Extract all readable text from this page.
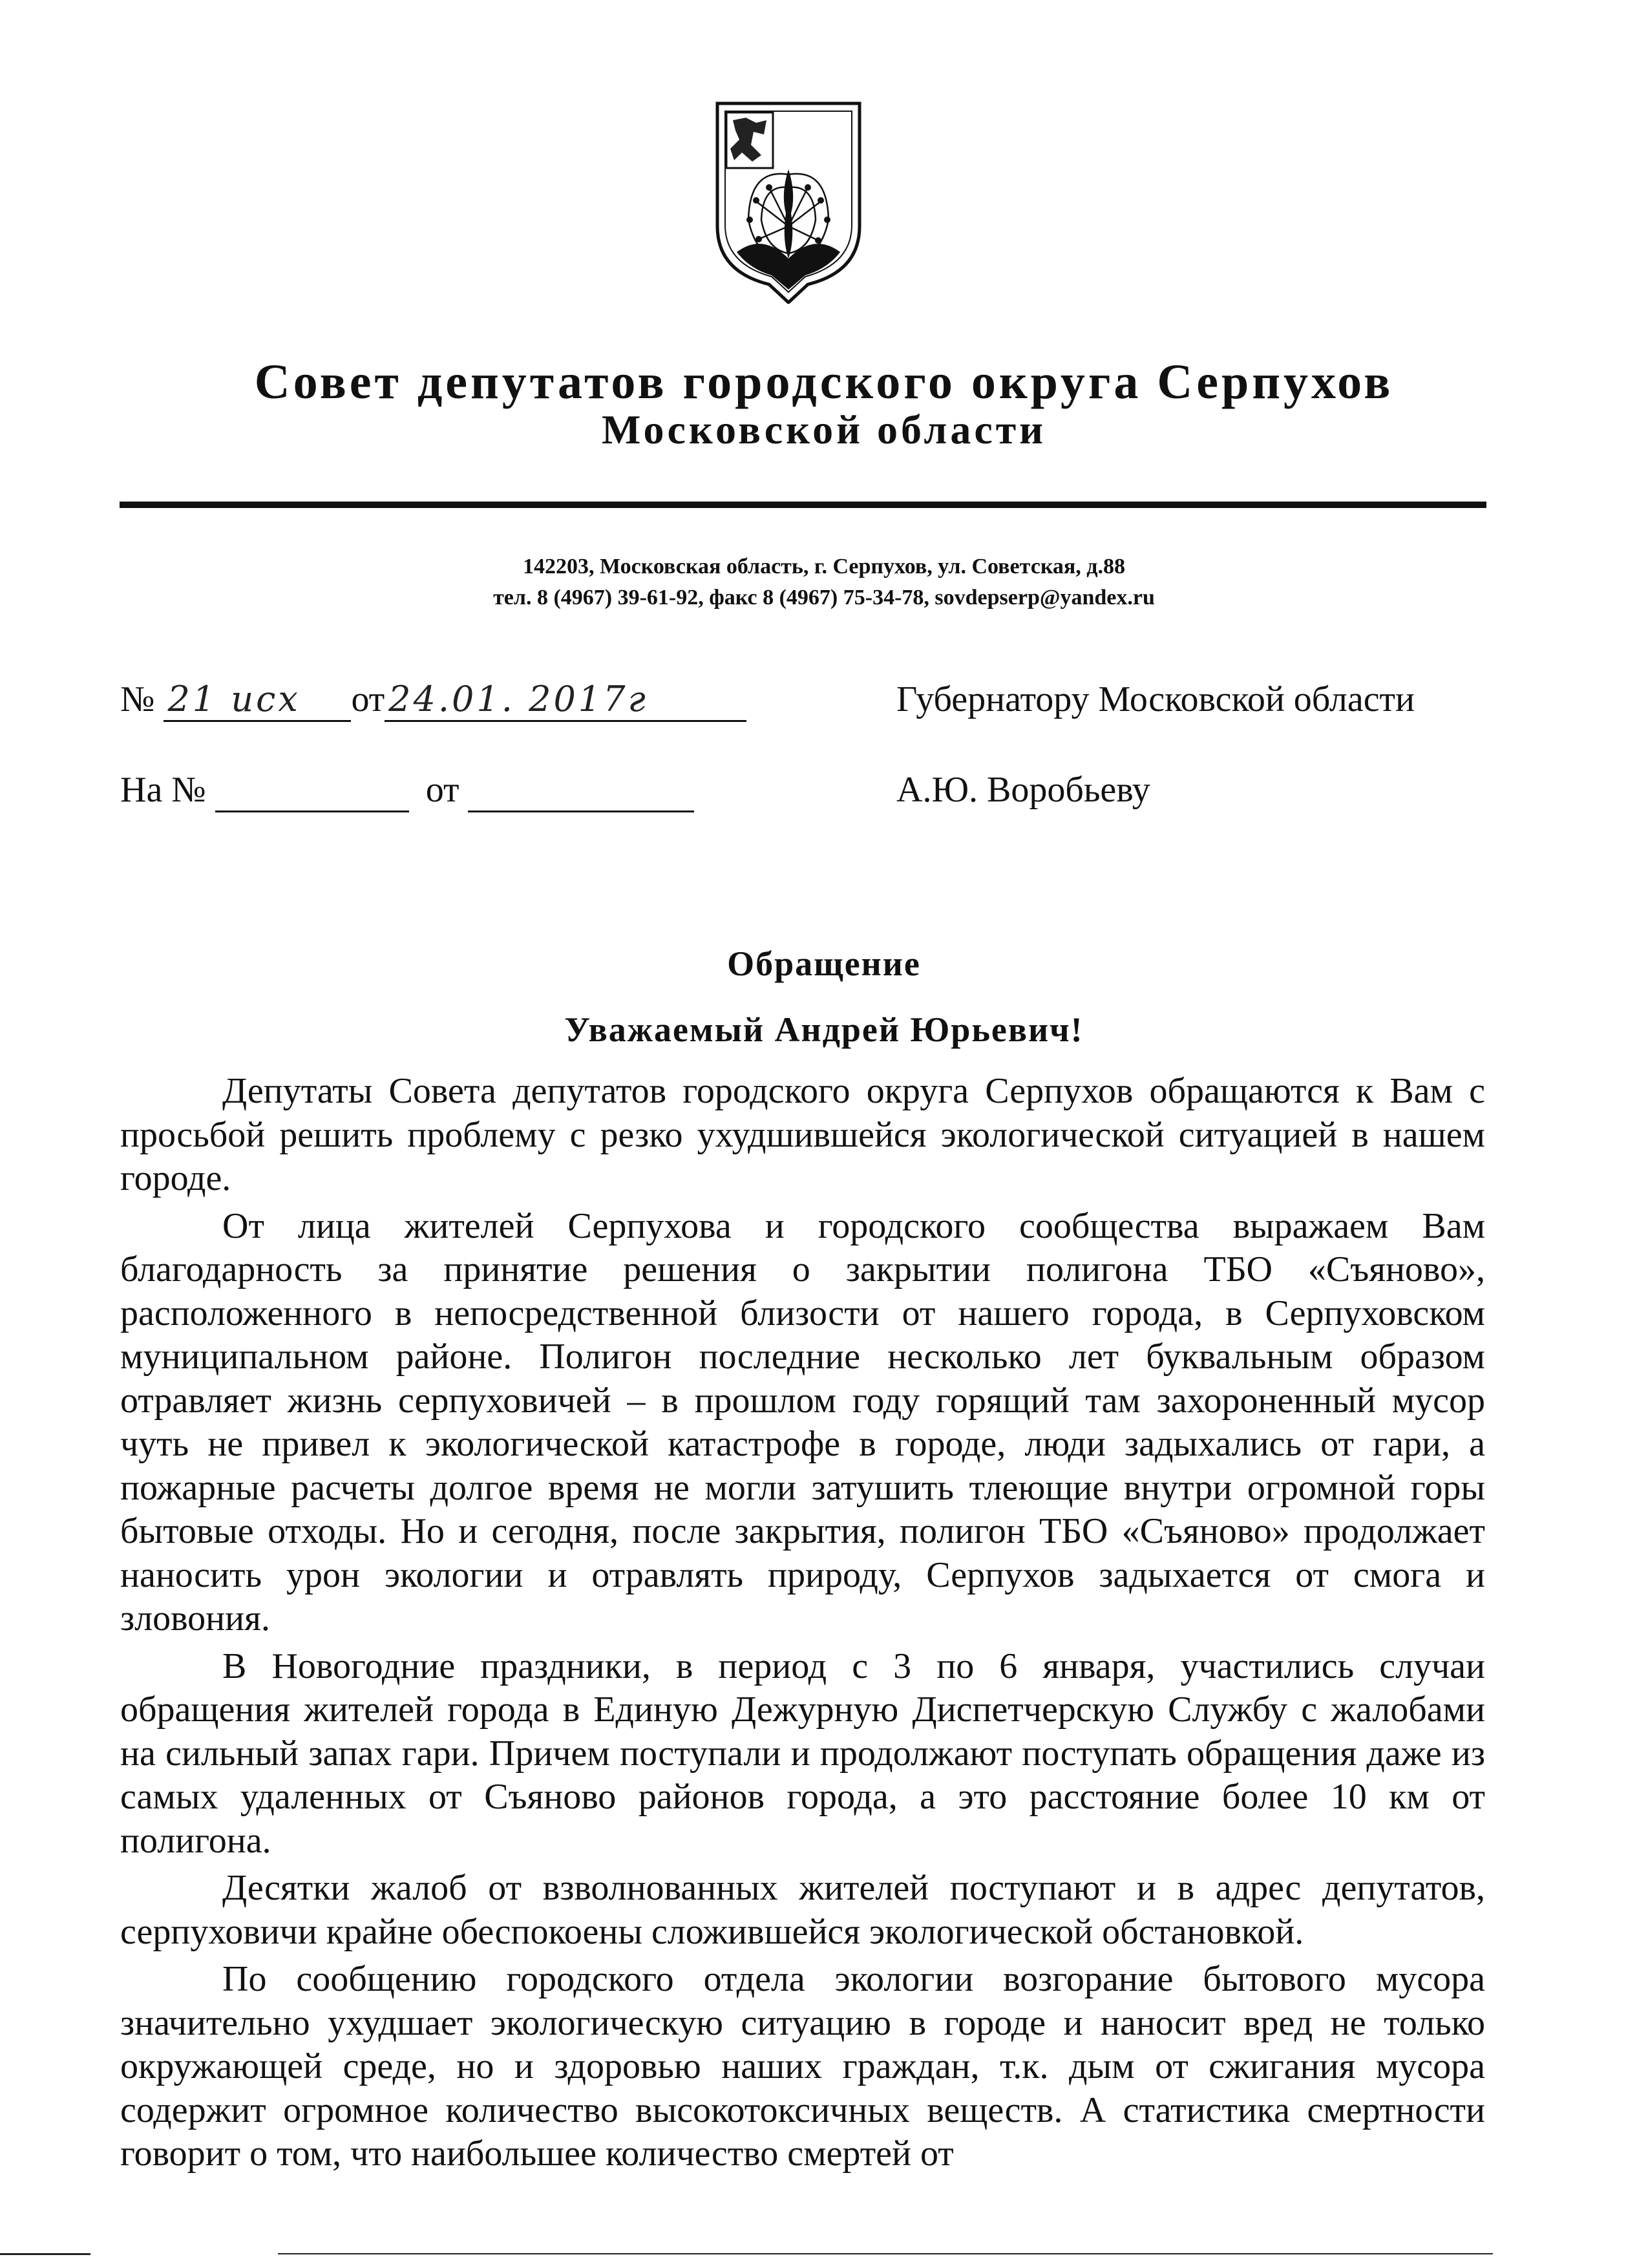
Совет депутатов городского округа Серпухов
Московской области
142203, Московская область, г. Серпухов, ул. Советская, д.88
тел. 8 (4967) 39-61-92, факс 8 (4967) 75-34-78, sovdepserp@yandex.ru
№ 21 исх от 24.01. 2017г
На №	от
Губернатору Московской области
А.Ю. Воробьеву
Обращение
Уважаемый Андрей Юрьевич!

Депутаты Совета депутатов городского округа Серпухов обращаются к Вам с просьбой решить проблему с резко ухудшившейся экологической ситуацией в нашем городе.

От лица жителей Серпухова и городского сообщества выражаем Вам благодарность за принятие решения о закрытии полигона ТБО «Съяново», расположенного в непосредственной близости от нашего города, в Серпуховском муниципальном районе. Полигон последние несколько лет буквальным образом отравляет жизнь серпуховичей – в прошлом году горящий там захороненный мусор чуть не привел к экологической катастрофе в городе, люди задыхались от гари, а пожарные расчеты долгое время не могли затушить тлеющие внутри огромной горы бытовые отходы. Но и сегодня, после закрытия, полигон ТБО «Съяново» продолжает наносить урон экологии и отравлять природу, Серпухов задыхается от смога и зловония.

В Новогодние праздники, в период с 3 по 6 января, участились случаи обращения жителей города в Единую Дежурную Диспетчерскую Службу с жалобами на сильный запах гари. Причем поступали и продолжают поступать обращения даже из самых удаленных от Съяново районов города, а это расстояние более 10 км от полигона.

Десятки жалоб от взволнованных жителей поступают и в адрес депутатов, серпуховичи крайне обеспокоены сложившейся экологической обстановкой.

По сообщению городского отдела экологии возгорание бытового мусора значительно ухудшает экологическую ситуацию в городе и наносит вред не только окружающей среде, но и здоровью наших граждан, т.к. дым от сжигания мусора содержит огромное количество высокотоксичных веществ. А статистика смертности говорит о том, что наибольшее количество смертей от
